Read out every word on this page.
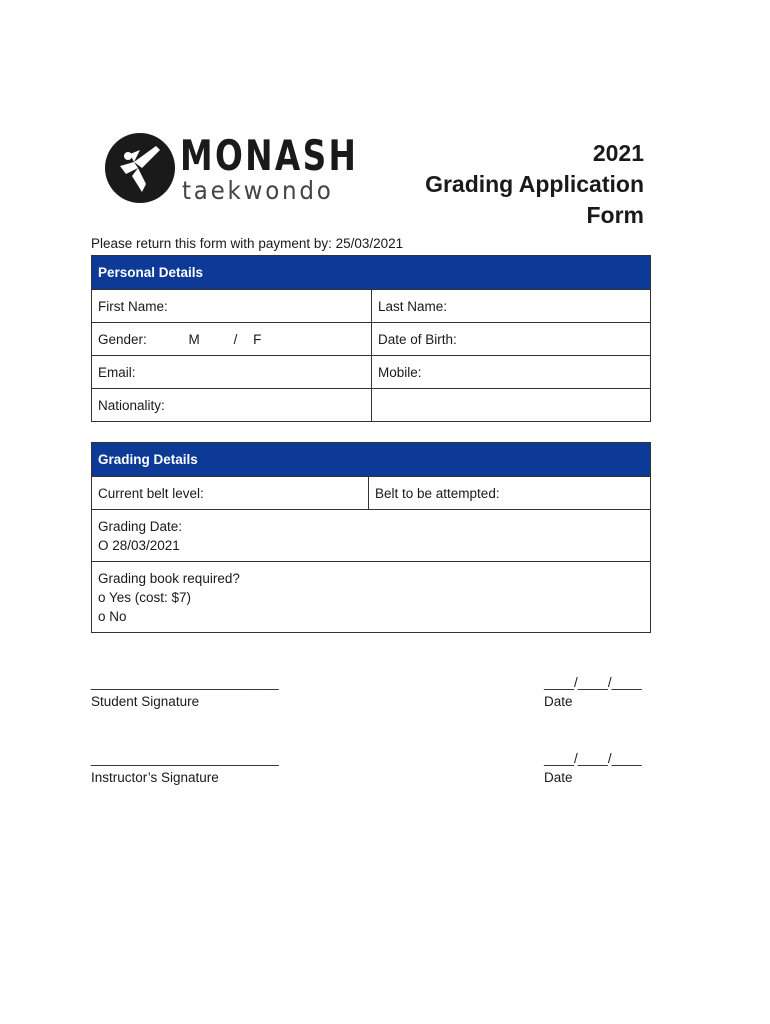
MONASH
taekwondo
2021
Grading Application
Form
Please return this form with payment by: 25/03/2021
Personal Details	
First Name:	Last Name:
Gender: M / F	Date of Birth:
Email:	Mobile:
Nationality:	
Grading Details
Current belt level:	Belt to be attempted:

Grading Date:
O 28/03/2021

Grading book required?
o Yes (cost: $7)
o No
_________________________
Student Signature
____/____/____
Date
_________________________
Instructor’s Signature
____/____/____
Date
